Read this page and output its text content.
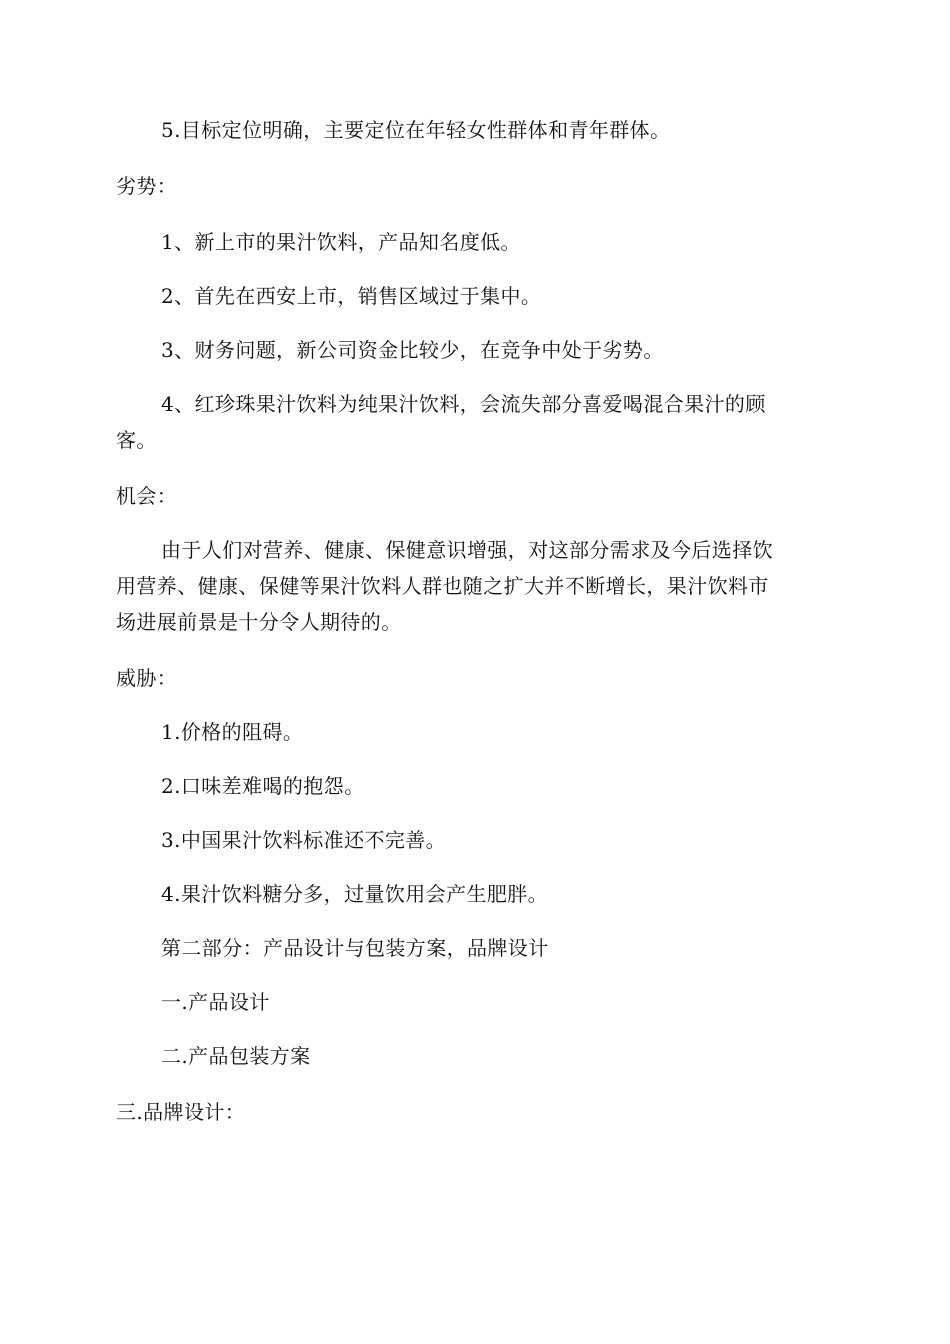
5.目标定位明确，主要定位在年轻女性群体和青年群体。
劣势：
1、新上市的果汁饮料，产品知名度低。
2、首先在西安上市，销售区域过于集中。
3、财务问题，新公司资金比较少，在竞争中处于劣势。
4、红珍珠果汁饮料为纯果汁饮料，会流失部分喜爱喝混合果汁的顾
客。
机会：
由于人们对营养、健康、保健意识增强，对这部分需求及今后选择饮
用营养、健康、保健等果汁饮料人群也随之扩大并不断增长，果汁饮料市
场进展前景是十分令人期待的。
威胁：
1.价格的阻碍。
2.口味差难喝的抱怨。
3.中国果汁饮料标准还不完善。
4.果汁饮料糖分多，过量饮用会产生肥胖。
第二部分：产品设计与包装方案，品牌设计
一.产品设计
二.产品包装方案
三.品牌设计：
